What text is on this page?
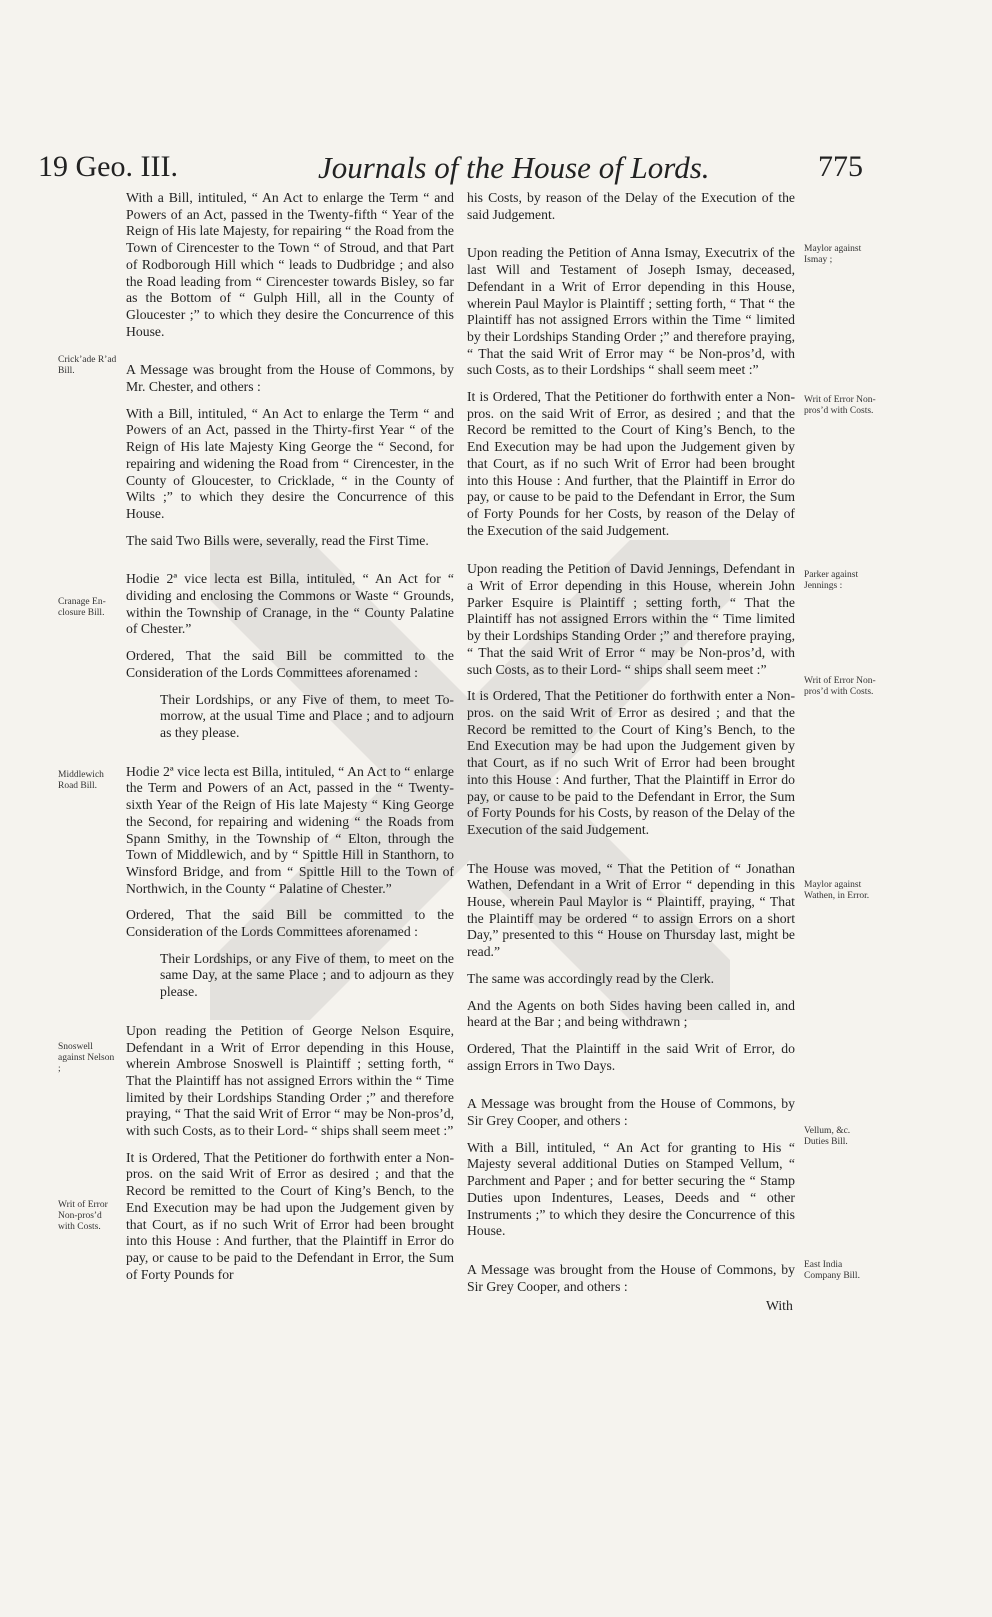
19 Geo. III.	Journals of the House of Lords.	775

With a Bill, intituled, “ An Act to enlarge the Term “ and Powers of an Act, passed in the Twenty-fifth “ Year of the Reign of His late Majesty, for repairing “ the Road from the Town of Cirencester to the Town “ of Stroud, and that Part of Rodborough Hill which “ leads to Dudbridge ; and also the Road leading from “ Cirencester towards Bisley, so far as the Bottom of “ Gulph Hill, all in the County of Gloucester ;” to which they desire the Concurrence of this House.

A Message was brought from the House of Commons, by Mr. Chester, and others :

With a Bill, intituled, “ An Act to enlarge the Term “ and Powers of an Act, passed in the Thirty-first Year “ of the Reign of His late Majesty King George the “ Second, for repairing and widening the Road from “ Cirencester, in the County of Gloucester, to Cricklade, “ in the County of Wilts ;” to which they desire the Concurrence of this House.

The said Two Bills were, severally, read the First Time.

Hodie 2ª vice lecta est Billa, intituled, “ An Act for “ dividing and enclosing the Commons or Waste “ Grounds, within the Township of Cranage, in the “ County Palatine of Chester.”

Ordered, That the said Bill be committed to the Consideration of the Lords Committees aforenamed :

Their Lordships, or any Five of them, to meet To-morrow, at the usual Time and Place ; and to adjourn as they please.

Hodie 2ª vice lecta est Billa, intituled, “ An Act to “ enlarge the Term and Powers of an Act, passed in the “ Twenty-sixth Year of the Reign of His late Majesty “ King George the Second, for repairing and widening “ the Roads from Spann Smithy, in the Township of “ Elton, through the Town of Middlewich, and by “ Spittle Hill in Stanthorn, to Winsford Bridge, and from “ Spittle Hill to the Town of Northwich, in the County “ Palatine of Chester.”

Ordered, That the said Bill be committed to the Consideration of the Lords Committees aforenamed :

Their Lordships, or any Five of them, to meet on the same Day, at the same Place ; and to adjourn as they please.

Upon reading the Petition of George Nelson Esquire, Defendant in a Writ of Error depending in this House, wherein Ambrose Snoswell is Plaintiff ; setting forth, “ That the Plaintiff has not assigned Errors within the “ Time limited by their Lordships Standing Order ;” and therefore praying, “ That the said Writ of Error “ may be Non-pros’d, with such Costs, as to their Lord- “ ships shall seem meet :”

It is Ordered, That the Petitioner do forthwith enter a Non-pros. on the said Writ of Error as desired ; and that the Record be remitted to the Court of King’s Bench, to the End Execution may be had upon the Judgement given by that Court, as if no such Writ of Error had been brought into this House : And further, that the Plaintiff in Error do pay, or cause to be paid to the Defendant in Error, the Sum of Forty Pounds for

his Costs, by reason of the Delay of the Execution of the said Judgement.

Upon reading the Petition of Anna Ismay, Executrix of the last Will and Testament of Joseph Ismay, deceased, Defendant in a Writ of Error depending in this House, wherein Paul Maylor is Plaintiff ; setting forth, “ That “ the Plaintiff has not assigned Errors within the Time “ limited by their Lordships Standing Order ;” and therefore praying, “ That the said Writ of Error may “ be Non-pros’d, with such Costs, as to their Lordships “ shall seem meet :”

It is Ordered, That the Petitioner do forthwith enter a Non-pros. on the said Writ of Error, as desired ; and that the Record be remitted to the Court of King’s Bench, to the End Execution may be had upon the Judgement given by that Court, as if no such Writ of Error had been brought into this House : And further, that the Plaintiff in Error do pay, or cause to be paid to the Defendant in Error, the Sum of Forty Pounds for her Costs, by reason of the Delay of the Execution of the said Judgement.

Upon reading the Petition of David Jennings, Defendant in a Writ of Error depending in this House, wherein John Parker Esquire is Plaintiff ; setting forth, “ That the Plaintiff has not assigned Errors within the “ Time limited by their Lordships Standing Order ;” and therefore praying, “ That the said Writ of Error “ may be Non-pros’d, with such Costs, as to their Lord- “ ships shall seem meet :”

It is Ordered, That the Petitioner do forthwith enter a Non-pros. on the said Writ of Error as desired ; and that the Record be remitted to the Court of King’s Bench, to the End Execution may be had upon the Judgement given by that Court, as if no such Writ of Error had been brought into this House : And further, That the Plaintiff in Error do pay, or cause to be paid to the Defendant in Error, the Sum of Forty Pounds for his Costs, by reason of the Delay of the Execution of the said Judgement.

The House was moved, “ That the Petition of “ Jonathan Wathen, Defendant in a Writ of Error “ depending in this House, wherein Paul Maylor is “ Plaintiff, praying, “ That the Plaintiff may be ordered “ to assign Errors on a short Day,” presented to this “ House on Thursday last, might be read.”

The same was accordingly read by the Clerk.

And the Agents on both Sides having been called in, and heard at the Bar ; and being withdrawn ;

Ordered, That the Plaintiff in the said Writ of Error, do assign Errors in Two Days.

A Message was brought from the House of Commons, by Sir Grey Cooper, and others :

With a Bill, intituled, “ An Act for granting to His “ Majesty several additional Duties on Stamped Vellum, “ Parchment and Paper ; and for better securing the “ Stamp Duties upon Indentures, Leases, Deeds and “ other Instruments ;” to which they desire the Concurrence of this House.

A Message was brought from the House of Commons, by Sir Grey Cooper, and others :

Crick’ade R’ad Bill.
Cranage En-closure Bill.
Middlewich Road Bill.
Snoswell against Nelson ;
Writ of Error Non-pros’d with Costs.
Maylor against Ismay ;
Writ of Error Non-pros’d with Costs.
Parker against Jennings :
Writ of Error Non-pros’d with Costs.
Maylor against Wathen, in Error.
Vellum, &c. Duties Bill.
East India Company Bill.
With
